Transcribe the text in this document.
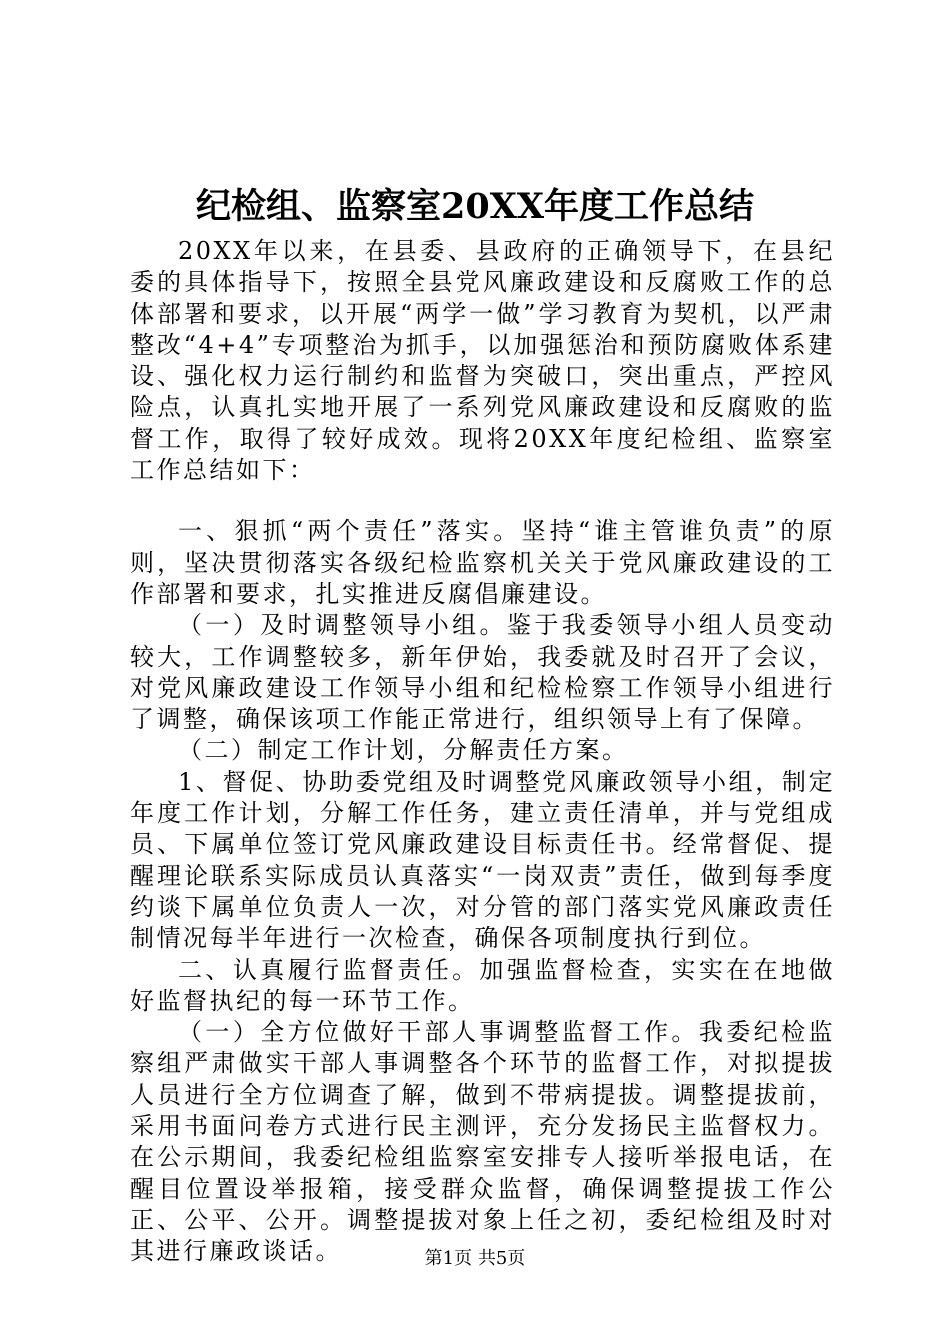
纪检组、监察室20XX年度工作总结

20XX年以来，在县委、县政府的正确领导下，在县纪委的具体指导下，按照全县党风廉政建设和反腐败工作的总体部署和要求，以开展“两学一做”学习教育为契机，以严肃整改“4+4”专项整治为抓手，以加强惩治和预防腐败体系建设、强化权力运行制约和监督为突破口，突出重点，严控风险点，认真扎实地开展了一系列党风廉政建设和反腐败的监督工作，取得了较好成效。现将20XX年度纪检组、监察室工作总结如下：

一、狠抓“两个责任”落实。坚持“谁主管谁负责”的原则，坚决贯彻落实各级纪检监察机关关于党风廉政建设的工作部署和要求，扎实推进反腐倡廉建设。

（一）及时调整领导小组。鉴于我委领导小组人员变动较大，工作调整较多，新年伊始，我委就及时召开了会议，对党风廉政建设工作领导小组和纪检检察工作领导小组进行了调整，确保该项工作能正常进行，组织领导上有了保障。

（二）制定工作计划，分解责任方案。

1、督促、协助委党组及时调整党风廉政领导小组，制定年度工作计划，分解工作任务，建立责任清单，并与党组成员、下属单位签订党风廉政建设目标责任书。经常督促、提醒理论联系实际成员认真落实“一岗双责”责任，做到每季度约谈下属单位负责人一次，对分管的部门落实党风廉政责任制情况每半年进行一次检查，确保各项制度执行到位。

二、认真履行监督责任。加强监督检查，实实在在地做好监督执纪的每一环节工作。

（一）全方位做好干部人事调整监督工作。我委纪检监察组严肃做实干部人事调整各个环节的监督工作，对拟提拔人员进行全方位调查了解，做到不带病提拔。调整提拔前，采用书面问卷方式进行民主测评，充分发扬民主监督权力。在公示期间，我委纪检组监察室安排专人接听举报电话，在醒目位置设举报箱，接受群众监督，确保调整提拔工作公正、公平、公开。调整提拔对象上任之初，委纪检组及时对其进行廉政谈话。	第1页 共5页
